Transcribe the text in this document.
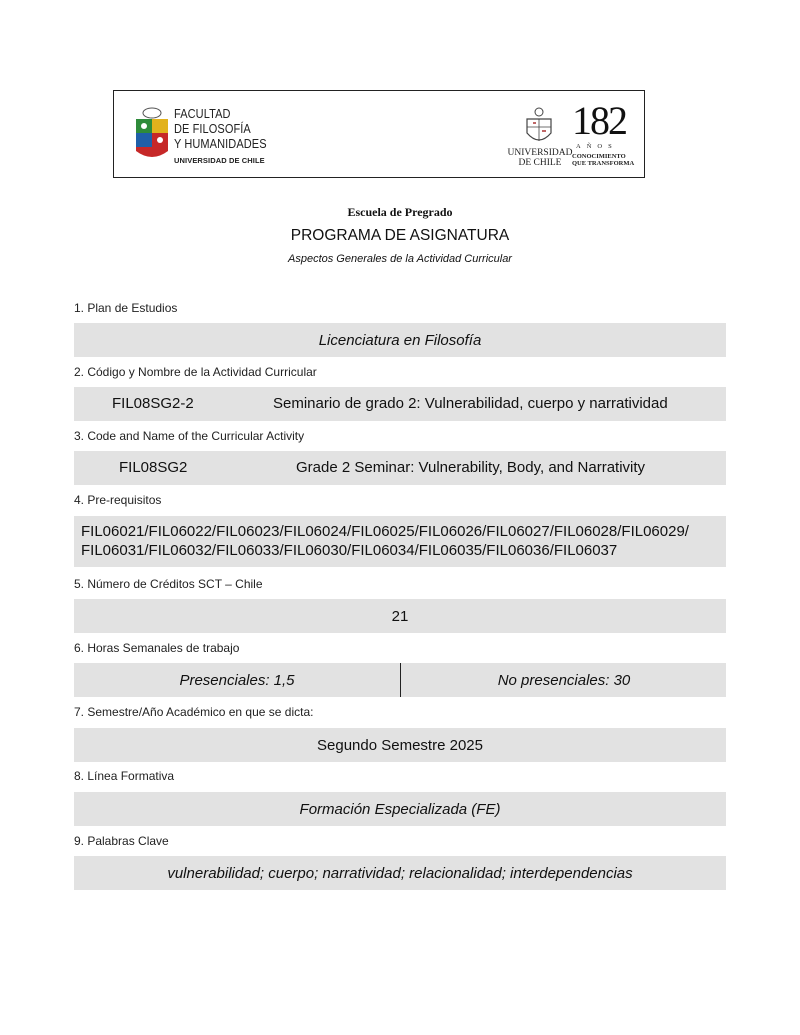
FACULTAD
DE FILOSOFÍA
Y HUMANIDADES
UNIVERSIDAD DE CHILE
UNIVERSIDAD
DE CHILE
182
AÑOS
CONOCIMIENTO
QUE TRANSFORMA
Escuela de Pregrado
PROGRAMA DE ASIGNATURA
Aspectos Generales de la Actividad Curricular
1. Plan de Estudios
Licenciatura en Filosofía
2. Código y Nombre de la Actividad Curricular
FIL08SG2-2	Seminario de grado 2: Vulnerabilidad, cuerpo y narratividad
3. Code and Name of the Curricular Activity
FIL08SG2	Grade 2 Seminar: Vulnerability, Body, and Narrativity
4. Pre-requisitos
FIL06021/FIL06022/FIL06023/FIL06024/FIL06025/FIL06026/FIL06027/FIL06028/FIL06029/
FIL06031/FIL06032/FIL06033/FIL06030/FIL06034/FIL06035/FIL06036/FIL06037
5. Número de Créditos SCT – Chile
21
6. Horas Semanales de trabajo
Presenciales: 1,5	No presenciales: 30
7. Semestre/Año Académico en que se dicta:
Segundo Semestre 2025
8. Línea Formativa
Formación Especializada (FE)
9. Palabras Clave
vulnerabilidad; cuerpo; narratividad; relacionalidad; interdependencias
